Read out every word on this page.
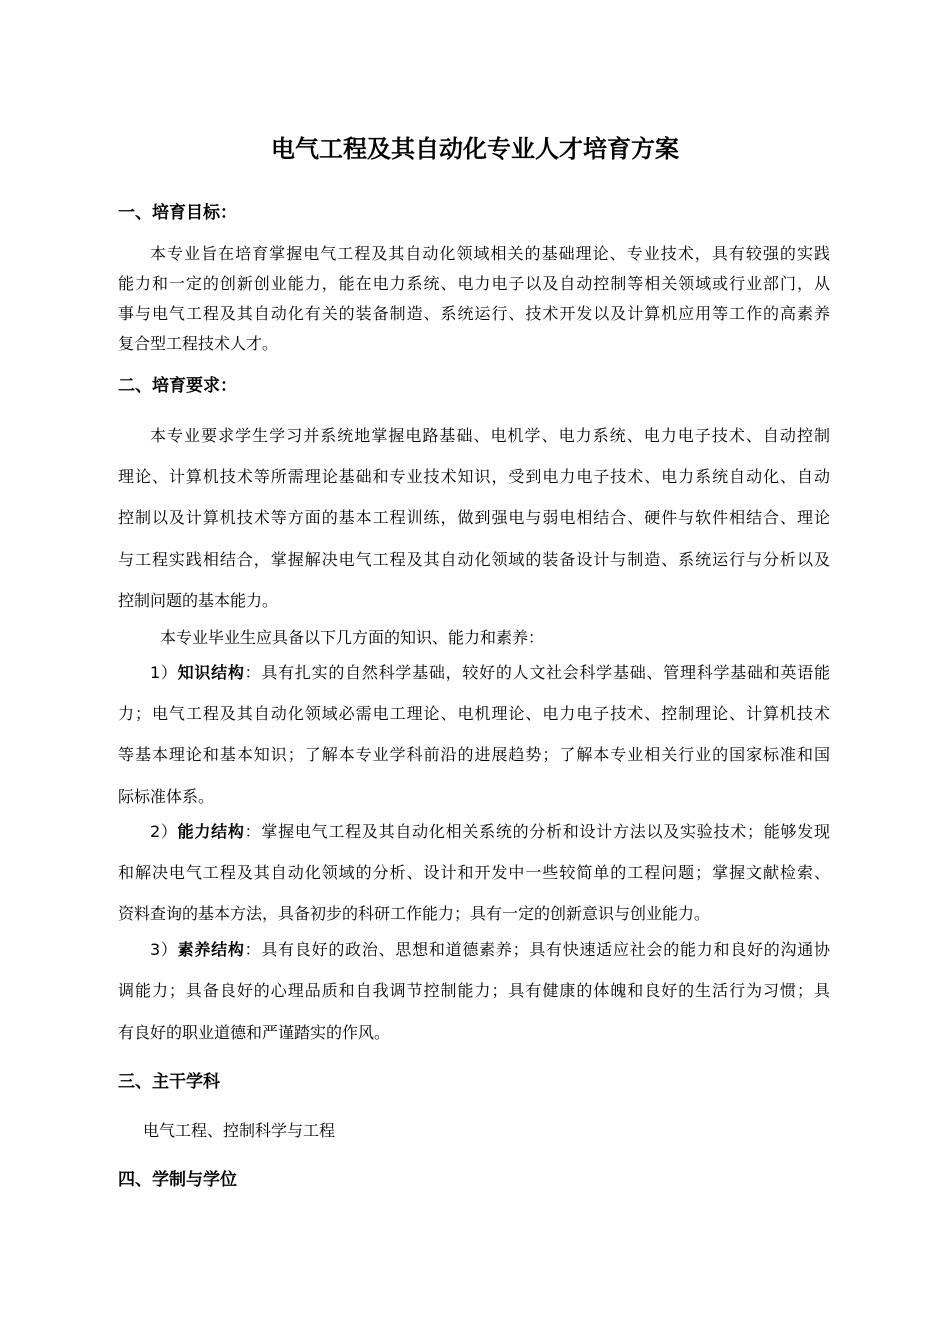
电气工程及其自动化专业人才培育方案
一、培育目标：
本专业旨在培育掌握电气工程及其自动化领域相关的基础理论、专业技术，具有较强的实践
能力和一定的创新创业能力，能在电力系统、电力电子以及自动控制等相关领域或行业部门，从
事与电气工程及其自动化有关的装备制造、系统运行、技术开发以及计算机应用等工作的高素养
复合型工程技术人才。
二、培育要求：
本专业要求学生学习并系统地掌握电路基础、电机学、电力系统、电力电子技术、自动控制
理论、计算机技术等所需理论基础和专业技术知识，受到电力电子技术、电力系统自动化、自动
控制以及计算机技术等方面的基本工程训练，做到强电与弱电相结合、硬件与软件相结合、理论
与工程实践相结合，掌握解决电气工程及其自动化领域的装备设计与制造、系统运行与分析以及
控制问题的基本能力。
本专业毕业生应具备以下几方面的知识、能力和素养：
1）知识结构：具有扎实的自然科学基础，较好的人文社会科学基础、管理科学基础和英语能
力；电气工程及其自动化领域必需电工理论、电机理论、电力电子技术、控制理论、计算机技术
等基本理论和基本知识；了解本专业学科前沿的进展趋势；了解本专业相关行业的国家标准和国
际标准体系。
2）能力结构：掌握电气工程及其自动化相关系统的分析和设计方法以及实验技术；能够发现
和解决电气工程及其自动化领域的分析、设计和开发中一些较简单的工程问题；掌握文献检索、
资料查询的基本方法，具备初步的科研工作能力；具有一定的创新意识与创业能力。
3）素养结构：具有良好的政治、思想和道德素养；具有快速适应社会的能力和良好的沟通协
调能力；具备良好的心理品质和自我调节控制能力；具有健康的体魄和良好的生活行为习惯；具
有良好的职业道德和严谨踏实的作风。
三、主干学科
电气工程、控制科学与工程
四、学制与学位
